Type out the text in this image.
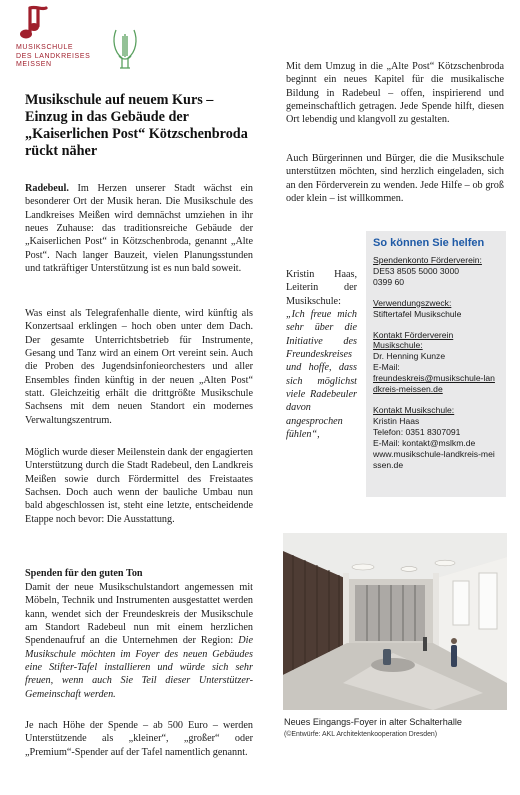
MUSIKSCHULE
DES LANDKREISES
MEISSEN
Musikschule auf neuem Kurs – Einzug in das Gebäude der „Kaiserlichen Post“ Kötzschenbroda rückt näher

Radebeul. Im Herzen unserer Stadt wächst ein besonderer Ort der Musik heran. Die Musikschule des Landkreises Meißen wird demnächst umziehen in ihr neues Zuhause: das traditionsreiche Gebäude der „Kaiserlichen Post“ in Kötzschenbroda, genannt „Alte Post“. Nach langer Bauzeit, vielen Planungsstunden und tatkräftiger Unterstützung ist es nun bald soweit.

Was einst als Telegrafenhalle diente, wird künftig als Konzertsaal erklingen – hoch oben unter dem Dach. Der gesamte Unterrichtsbetrieb für Instrumente, Gesang und Tanz wird an einem Ort vereint sein. Auch die Proben des Jugendsinfonieorchesters und aller Ensembles finden künftig in der neuen „Alten Post“ statt. Gleichzeitig erhält die drittgrößte Musikschule Sachsens mit dem neuen Standort ein modernes Verwaltungszentrum.

Möglich wurde dieser Meilenstein dank der engagierten Unterstützung durch die Stadt Radebeul, den Landkreis Meißen sowie durch Fördermittel des Freistaates Sachsen. Doch auch wenn der bauliche Umbau nun bald abgeschlossen ist, steht eine letzte, entscheidende Etappe noch bevor: Die Ausstattung.

Spenden für den guten Ton

Damit der neue Musikschulstandort angemessen mit Möbeln, Technik und Instrumenten ausgestattet werden kann, wendet sich der Freundeskreis der Musikschule am Standort Radebeul nun mit einem herzlichen Spendenaufruf an die Unternehmen der Region: Die Musikschule möchten im Foyer des neuen Gebäudes eine Stifter-Tafel installieren und würde sich sehr freuen, wenn auch Sie Teil dieser Unterstützer-Gemeinschaft werden.

Je nach Höhe der Spende – ab 500 Euro – werden Unterstützende als „kleiner“, „großer“ oder „Premium“-Spender auf der Tafel namentlich genannt.

Mit dem Umzug in die „Alte Post“ Kötzschenbroda beginnt ein neues Kapitel für die musikalische Bildung in Radebeul – offen, inspirierend und gemeinschaftlich getragen. Jede Spende hilft, diesen Ort lebendig und klangvoll zu gestalten.

Auch Bürgerinnen und Bürger, die die Musikschule unterstützen möchten, sind herzlich eingeladen, sich an den Förderverein zu wenden. Jede Hilfe – ob groß oder klein – ist willkommen.

Kristin Haas, Leiterin der Musikschule:

„Ich freue mich sehr über die Initiative des Freundeskreises und hoffe, dass sich möglichst viele Radebeuler davon angesprochen fühlen“,

So können Sie helfen
Spendenkonto Förderverein:
DE53 8505 5000 3000
0399 60
Verwendungszweck:
Stiftertafel Musikschule
Kontakt Förderverein Musikschule:
Dr. Henning Kunze
E-Mail:
freundeskreis@musikschule-landkreis-meissen.de
Kontakt Musikschule:
Kristin Haas
Telefon: 0351 8307091
E-Mail: kontakt@mslkm.de
www.musikschule-landkreis-meissen.de
Neues Eingangs-Foyer in alter Schalterhalle
(©Entwürfe: AKL Architektenkooperation Dresden)
